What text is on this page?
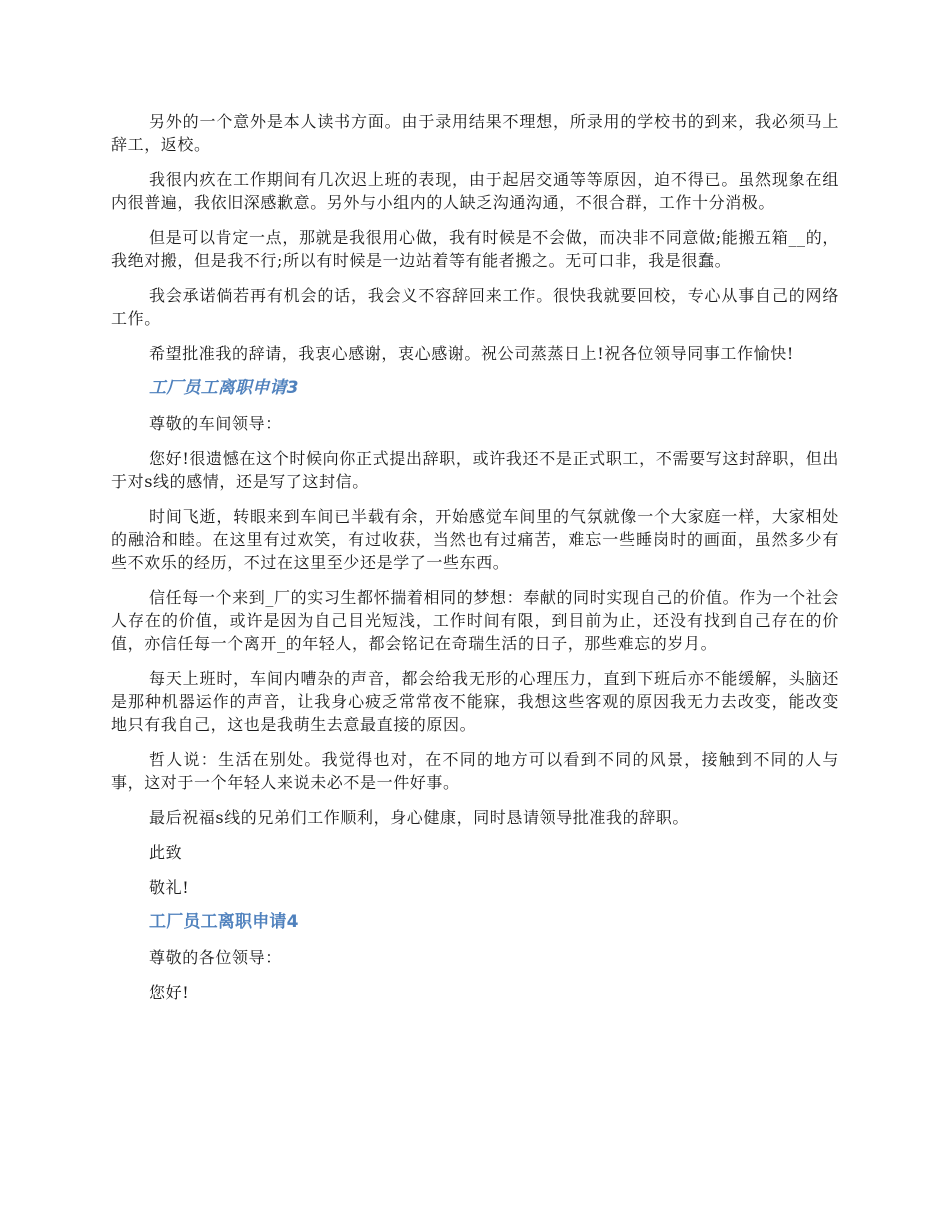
另外的一个意外是本人读书方面。由于录用结果不理想，所录用的学校书的到来，我必须马上辞工，返校。

我很内疚在工作期间有几次迟上班的表现，由于起居交通等等原因，迫不得已。虽然现象在组内很普遍，我依旧深感歉意。另外与小组内的人缺乏沟通沟通，不很合群，工作十分消极。

但是可以肯定一点，那就是我很用心做，我有时候是不会做，而决非不同意做;能搬五箱__的，我绝对搬，但是我不行;所以有时候是一边站着等有能者搬之。无可口非，我是很蠢。

我会承诺倘若再有机会的话，我会义不容辞回来工作。很快我就要回校，专心从事自己的网络工作。

希望批准我的辞请，我衷心感谢，衷心感谢。祝公司蒸蒸日上!祝各位领导同事工作愉快!

工厂员工离职申请3

尊敬的车间领导：

您好!很遗憾在这个时候向你正式提出辞职，或许我还不是正式职工，不需要写这封辞职，但出于对s线的感情，还是写了这封信。

时间飞逝，转眼来到车间已半载有余，开始感觉车间里的气氛就像一个大家庭一样，大家相处的融洽和睦。在这里有过欢笑，有过收获，当然也有过痛苦，难忘一些睡岗时的画面，虽然多少有些不欢乐的经历，不过在这里至少还是学了一些东西。

信任每一个来到_厂的实习生都怀揣着相同的梦想：奉献的同时实现自己的价值。作为一个社会人存在的价值，或许是因为自己目光短浅，工作时间有限，到目前为止，还没有找到自己存在的价值，亦信任每一个离开_的年轻人，都会铭记在奇瑞生活的日子，那些难忘的岁月。

每天上班时，车间内嘈杂的声音，都会给我无形的心理压力，直到下班后亦不能缓解，头脑还是那种机器运作的声音，让我身心疲乏常常夜不能寐，我想这些客观的原因我无力去改变，能改变地只有我自己，这也是我萌生去意最直接的原因。

哲人说：生活在别处。我觉得也对，在不同的地方可以看到不同的风景，接触到不同的人与事，这对于一个年轻人来说未必不是一件好事。

最后祝福s线的兄弟们工作顺利，身心健康，同时恳请领导批准我的辞职。

此致

敬礼!

工厂员工离职申请4

尊敬的各位领导：

您好!
